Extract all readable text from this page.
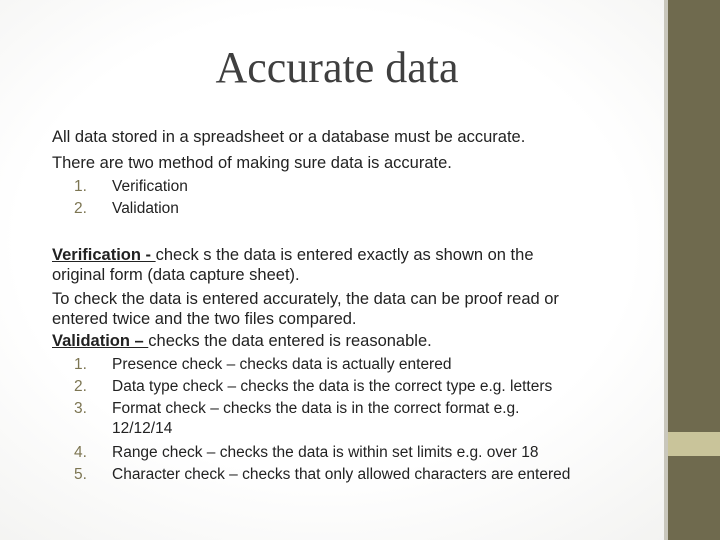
Accurate data
All data stored in a spreadsheet or a database must be accurate.
There are two method of making sure data is accurate.
1. Verification
2. Validation
Verification - check s the data is entered exactly as shown on the
original form (data capture sheet).
To check the data is entered accurately, the data can be proof read or
entered twice and the two files compared.
Validation – checks the data entered is reasonable.
1. Presence check – checks data is actually entered
2. Data type check – checks the data is the correct type e.g. letters
3. Format check – checks the data is in the correct format e.g.
12/12/14
4. Range check – checks the data is within set limits e.g. over 18
5. Character check – checks that only allowed characters are entered
